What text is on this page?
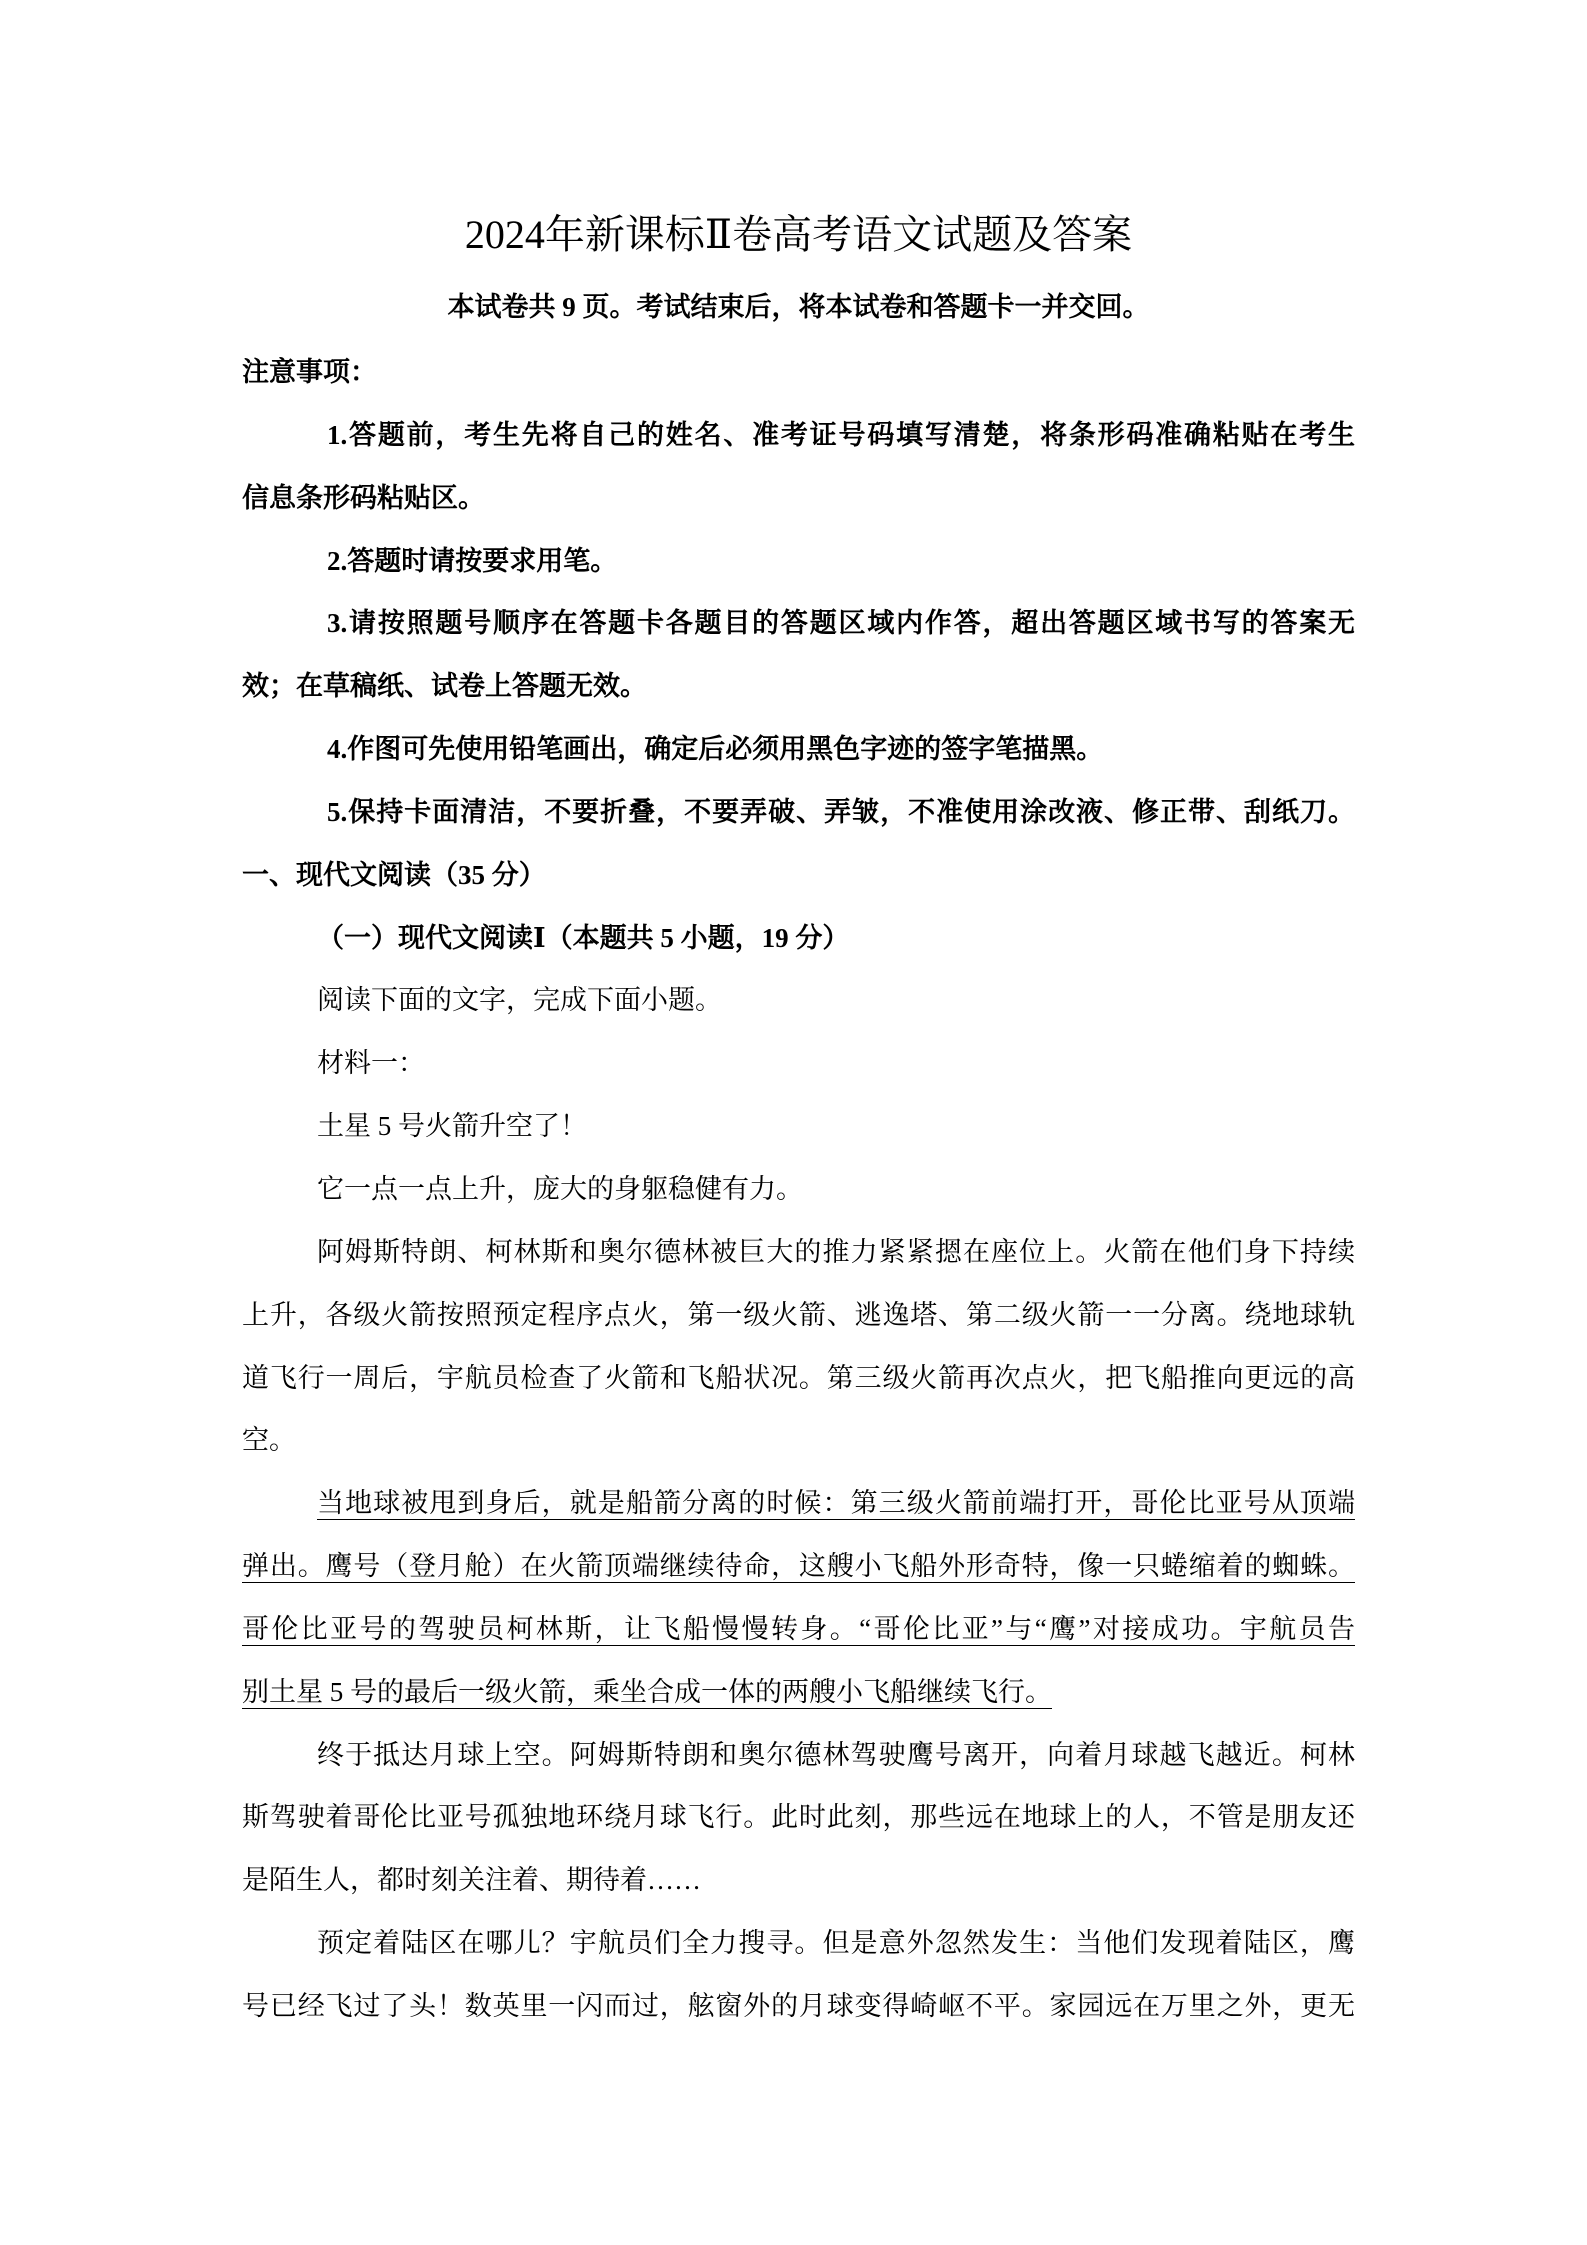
2024年新课标Ⅱ卷高考语文试题及答案
本试卷共 9 页。考试结束后，将本试卷和答题卡一并交回。
注意事项：
1.答题前，考生先将自己的姓名、准考证号码填写清楚，将条形码准确粘贴在考生
信息条形码粘贴区。
2.答题时请按要求用笔。
3.请按照题号顺序在答题卡各题目的答题区域内作答，超出答题区域书写的答案无
效；在草稿纸、试卷上答题无效。
4.作图可先使用铅笔画出，确定后必须用黑色字迹的签字笔描黑。
5.保持卡面清洁，不要折叠，不要弄破、弄皱，不准使用涂改液、修正带、刮纸刀。
一、现代文阅读（35 分）
（一）现代文阅读Ⅰ（本题共 5 小题，19 分）
阅读下面的文字，完成下面小题。
材料一：
土星 5 号火箭升空了！
它一点一点上升，庞大的身躯稳健有力。
阿姆斯特朗、柯林斯和奥尔德林被巨大的推力紧紧摁在座位上。火箭在他们身下持续
上升，各级火箭按照预定程序点火，第一级火箭、逃逸塔、第二级火箭一一分离。绕地球轨
道飞行一周后，宇航员检查了火箭和飞船状况。第三级火箭再次点火，把飞船推向更远的高
空。
当地球被甩到身后，就是船箭分离的时候：第三级火箭前端打开，哥伦比亚号从顶端
弹出。鹰号（登月舱）在火箭顶端继续待命，这艘小飞船外形奇特，像一只蜷缩着的蜘蛛。
哥伦比亚号的驾驶员柯林斯，让飞船慢慢转身。“哥伦比亚”与“鹰”对接成功。宇航员告
别土星 5 号的最后一级火箭，乘坐合成一体的两艘小飞船继续飞行。
终于抵达月球上空。阿姆斯特朗和奥尔德林驾驶鹰号离开，向着月球越飞越近。柯林
斯驾驶着哥伦比亚号孤独地环绕月球飞行。此时此刻，那些远在地球上的人，不管是朋友还
是陌生人，都时刻关注着、期待着……
预定着陆区在哪儿？宇航员们全力搜寻。但是意外忽然发生：当他们发现着陆区，鹰
号已经飞过了头！数英里一闪而过，舷窗外的月球变得崎岖不平。家园远在万里之外，更无
